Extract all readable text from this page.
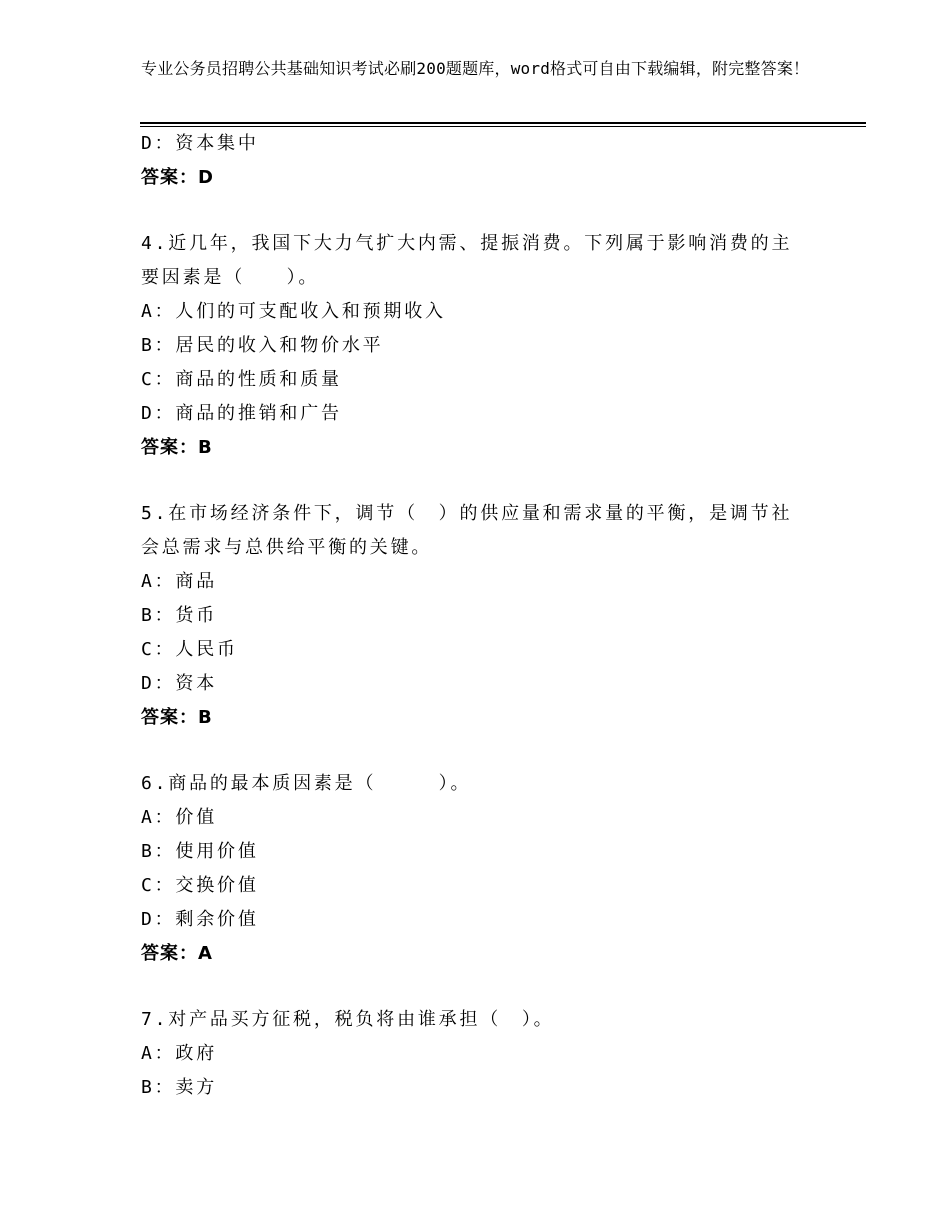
专业公务员招聘公共基础知识考试必刷200题题库，word格式可自由下载编辑，附完整答案！
D：资本集中
答案：D
4.近几年，我国下大力气扩大内需、提振消费。下列属于影响消费的主要因素是（　　）。
A：人们的可支配收入和预期收入
B：居民的收入和物价水平
C：商品的性质和质量
D：商品的推销和广告
答案：B
5.在市场经济条件下，调节（　）的供应量和需求量的平衡，是调节社会总需求与总供给平衡的关键。
A：商品
B：货币
C：人民币
D：资本
答案：B
6.商品的最本质因素是（　　　）。
A：价值
B：使用价值
C：交换价值
D：剩余价值
答案：A
7.对产品买方征税，税负将由谁承担（　）。
A：政府
B：卖方
